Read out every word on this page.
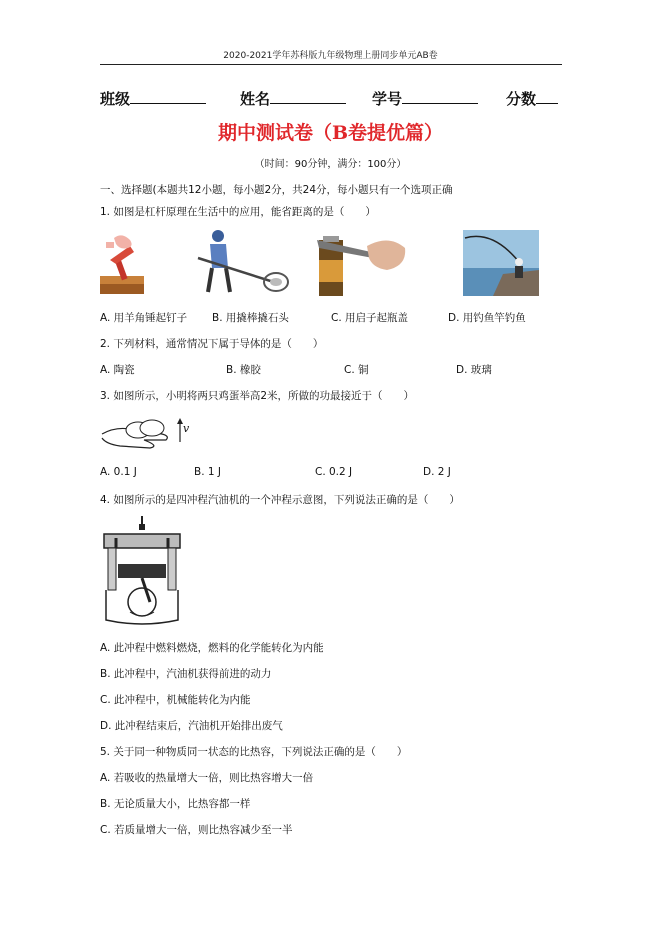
2020-2021学年苏科版九年级物理上册同步单元AB卷
班级	姓名	学号	分数
期中测试卷（B卷提优篇）
（时间：90分钟，满分：100分）
一、选择题(本题共12小题，每小题2分，共24分，每小题只有一个选项正确
1. 如图是杠杆原理在生活中的应用，能省距离的是（　　）
A. 用羊角锤起钉子 B. 用撬棒撬石头	C. 用启子起瓶盖	D. 用钓鱼竿钓鱼
2. 下列材料，通常情况下属于导体的是（　　）
A. 陶瓷	B. 橡胶	C. 铜	D. 玻璃
3. 如图所示，小明将两只鸡蛋举高2米，所做的功最接近于（　　）
v
A. 0.1 J	B. 1 J	C. 0.2 J	D. 2 J
4. 如图所示的是四冲程汽油机的一个冲程示意图，下列说法正确的是（　　）
A. 此冲程中燃料燃烧，燃料的化学能转化为内能
B. 此冲程中，汽油机获得前进的动力
C. 此冲程中，机械能转化为内能
D. 此冲程结束后，汽油机开始排出废气
5. 关于同一种物质同一状态的比热容，下列说法正确的是（　　）
A. 若吸收的热量增大一倍，则比热容增大一倍
B. 无论质量大小，比热容都一样
C. 若质量增大一倍，则比热容减少至一半
